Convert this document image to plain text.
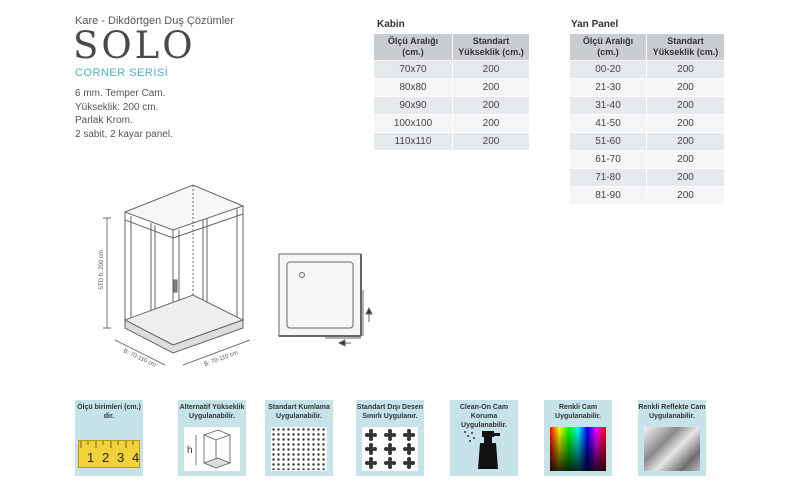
Kare - Dikdörtgen Duş Çözümler
SOLO
CORNER SERİSİ
6 mm. Temper Cam.
Yükseklik: 200 cm.
Parlak Krom.
2 sabit, 2 kayar panel.
STD h: 200 cm
B: 70-110 cm	B: 70-110 cm
Kabin
Ölçü Aralığı (cm.)	Standart Yükseklik (cm.)
70x70	200
80x80	200
90x90	200
100x100	200
110x110	200
Yan Panel
Ölçü Aralığı (cm.)	Standart Yükseklik (cm.)
00-20	200
21-30	200
31-40	200
41-50	200
51-60	200
61-70	200
71-80	200
81-90	200
Ölçü birimleri (cm.) dir.
1 2 3 4
Alternatif Yükseklik Uygulanabilir.
h
Standart Kumlama Uygulanabilir.
Standart Dışı Desen Sınırlı Uygulanır.
Clean-On Cam Koruma Uygulanabilir.
Renkli Cam Uygulanabilir.
Renkli Reflekte Cam Uygulanabilir.
